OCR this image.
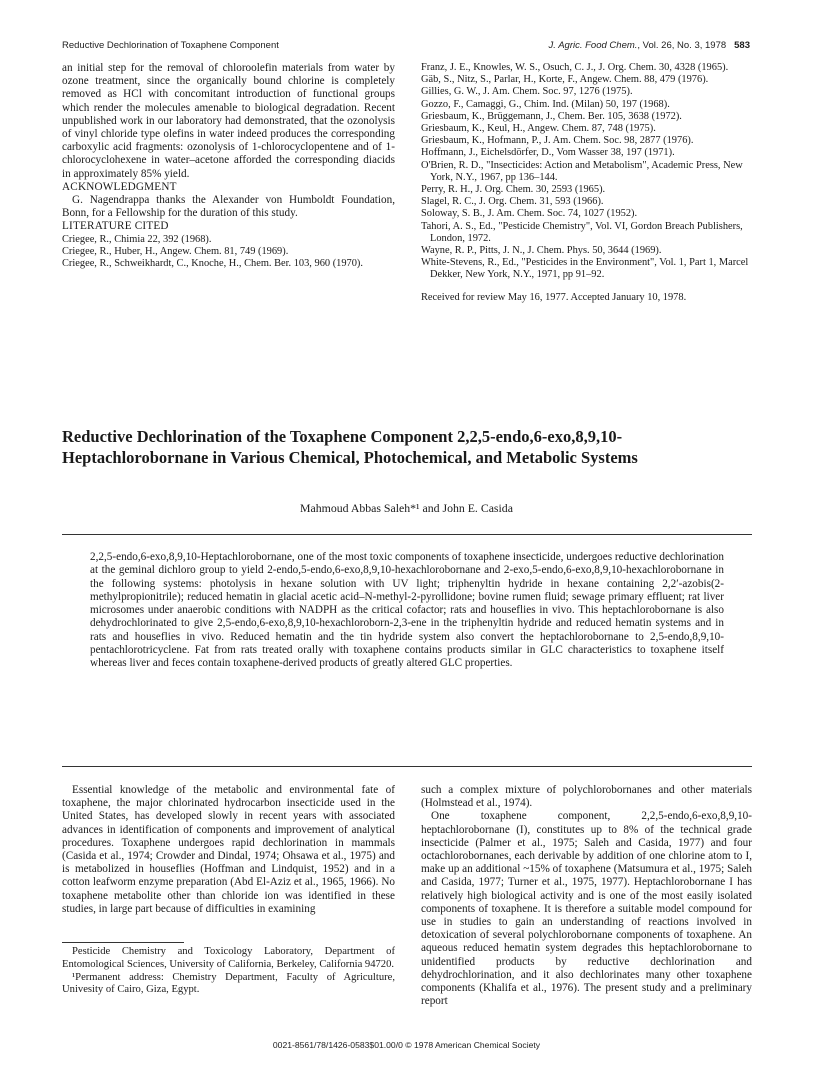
Reductive Dechlorination of Toxaphene Component	J. Agric. Food Chem., Vol. 26, No. 3, 1978 583

an initial step for the removal of chloroolefin materials from water by ozone treatment, since the organically bound chlorine is completely removed as HCl with concomitant introduction of functional groups which render the molecules amenable to biological degradation. Recent unpublished work in our laboratory had demonstrated, that the ozonolysis of vinyl chloride type olefins in water indeed produces the corresponding carboxylic acid fragments: ozonolysis of 1-chlorocyclopentene and of 1-chlorocyclohexene in water–acetone afforded the corresponding diacids in approximately 85% yield.

ACKNOWLEDGMENT

G. Nagendrappa thanks the Alexander von Humboldt Foundation, Bonn, for a Fellowship for the duration of this study.

LITERATURE CITED

Criegee, R., Chimia 22, 392 (1968).

Criegee, R., Huber, H., Angew. Chem. 81, 749 (1969).

Criegee, R., Schweikhardt, C., Knoche, H., Chem. Ber. 103, 960 (1970).

Franz, J. E., Knowles, W. S., Osuch, C. J., J. Org. Chem. 30, 4328 (1965).

Gäb, S., Nitz, S., Parlar, H., Korte, F., Angew. Chem. 88, 479 (1976).

Gillies, G. W., J. Am. Chem. Soc. 97, 1276 (1975).

Gozzo, F., Camaggi, G., Chim. Ind. (Milan) 50, 197 (1968).

Griesbaum, K., Brüggemann, J., Chem. Ber. 105, 3638 (1972).

Griesbaum, K., Keul, H., Angew. Chem. 87, 748 (1975).

Griesbaum, K., Hofmann, P., J. Am. Chem. Soc. 98, 2877 (1976).

Hoffmann, J., Eichelsdörfer, D., Vom Wasser 38, 197 (1971).

O'Brien, R. D., "Insecticides: Action and Metabolism", Academic Press, New York, N.Y., 1967, pp 136–144.

Perry, R. H., J. Org. Chem. 30, 2593 (1965).

Slagel, R. C., J. Org. Chem. 31, 593 (1966).

Soloway, S. B., J. Am. Chem. Soc. 74, 1027 (1952).

Tahori, A. S., Ed., "Pesticide Chemistry", Vol. VI, Gordon Breach Publishers, London, 1972.

Wayne, R. P., Pitts, J. N., J. Chem. Phys. 50, 3644 (1969).

White-Stevens, R., Ed., "Pesticides in the Environment", Vol. 1, Part 1, Marcel Dekker, New York, N.Y., 1971, pp 91–92.

Received for review May 16, 1977. Accepted January 10, 1978.

Reductive Dechlorination of the Toxaphene Component 2,2,5-endo,6-exo,8,9,10-Heptachlorobornane in Various Chemical, Photochemical, and Metabolic Systems

Mahmoud Abbas Saleh*¹ and John E. Casida

2,2,5-endo,6-exo,8,9,10-Heptachlorobornane, one of the most toxic components of toxaphene insecticide, undergoes reductive dechlorination at the geminal dichloro group to yield 2-endo,5-endo,6-exo,8,9,10-hexachlorobornane and 2-exo,5-endo,6-exo,8,9,10-hexachlorobornane in the following systems: photolysis in hexane solution with UV light; triphenyltin hydride in hexane containing 2,2′-azobis(2-methylpropionitrile); reduced hematin in glacial acetic acid–N-methyl-2-pyrollidone; bovine rumen fluid; sewage primary effluent; rat liver microsomes under anaerobic conditions with NADPH as the critical cofactor; rats and houseflies in vivo. This heptachlorobornane is also dehydrochlorinated to give 2,5-endo,6-exo,8,9,10-hexachloroborn-2,3-ene in the triphenyltin hydride and reduced hematin systems and in rats and houseflies in vivo. Reduced hematin and the tin hydride system also convert the heptachlorobornane to 2,5-endo,8,9,10-pentachlorotricyclene. Fat from rats treated orally with toxaphene contains products similar in GLC characteristics to toxaphene itself whereas liver and feces contain toxaphene-derived products of greatly altered GLC properties.

Essential knowledge of the metabolic and environmental fate of toxaphene, the major chlorinated hydrocarbon insecticide used in the United States, has developed slowly in recent years with associated advances in identification of components and improvement of analytical procedures. Toxaphene undergoes rapid dechlorination in mammals (Casida et al., 1974; Crowder and Dindal, 1974; Ohsawa et al., 1975) and is metabolized in houseflies (Hoffman and Lindquist, 1952) and in a cotton leafworm enzyme preparation (Abd El-Aziz et al., 1965, 1966). No toxaphene metabolite other than chloride ion was identified in these studies, in large part because of difficulties in examining

Pesticide Chemistry and Toxicology Laboratory, Department of Entomological Sciences, University of California, Berkeley, California 94720.

¹Permanent address: Chemistry Department, Faculty of Agriculture, Univesity of Cairo, Giza, Egypt.

such a complex mixture of polychlorobornanes and other materials (Holmstead et al., 1974).

One toxaphene component, 2,2,5-endo,6-exo,8,9,10-heptachlorobornane (I), constitutes up to 8% of the technical grade insecticide (Palmer et al., 1975; Saleh and Casida, 1977) and four octachlorobornanes, each derivable by addition of one chlorine atom to I, make up an additional ~15% of toxaphene (Matsumura et al., 1975; Saleh and Casida, 1977; Turner et al., 1975, 1977). Heptachlorobornane I has relatively high biological activity and is one of the most easily isolated components of toxaphene. It is therefore a suitable model compound for use in studies to gain an understanding of reactions involved in detoxication of several polychlorobornane components of toxaphene. An aqueous reduced hematin system degrades this heptachlorobornane to unidentified products by reductive dechlorination and dehydrochlorination, and it also dechlorinates many other toxaphene components (Khalifa et al., 1976). The present study and a preliminary report

0021-8561/78/1426-0583$01.00/0 © 1978 American Chemical Society
